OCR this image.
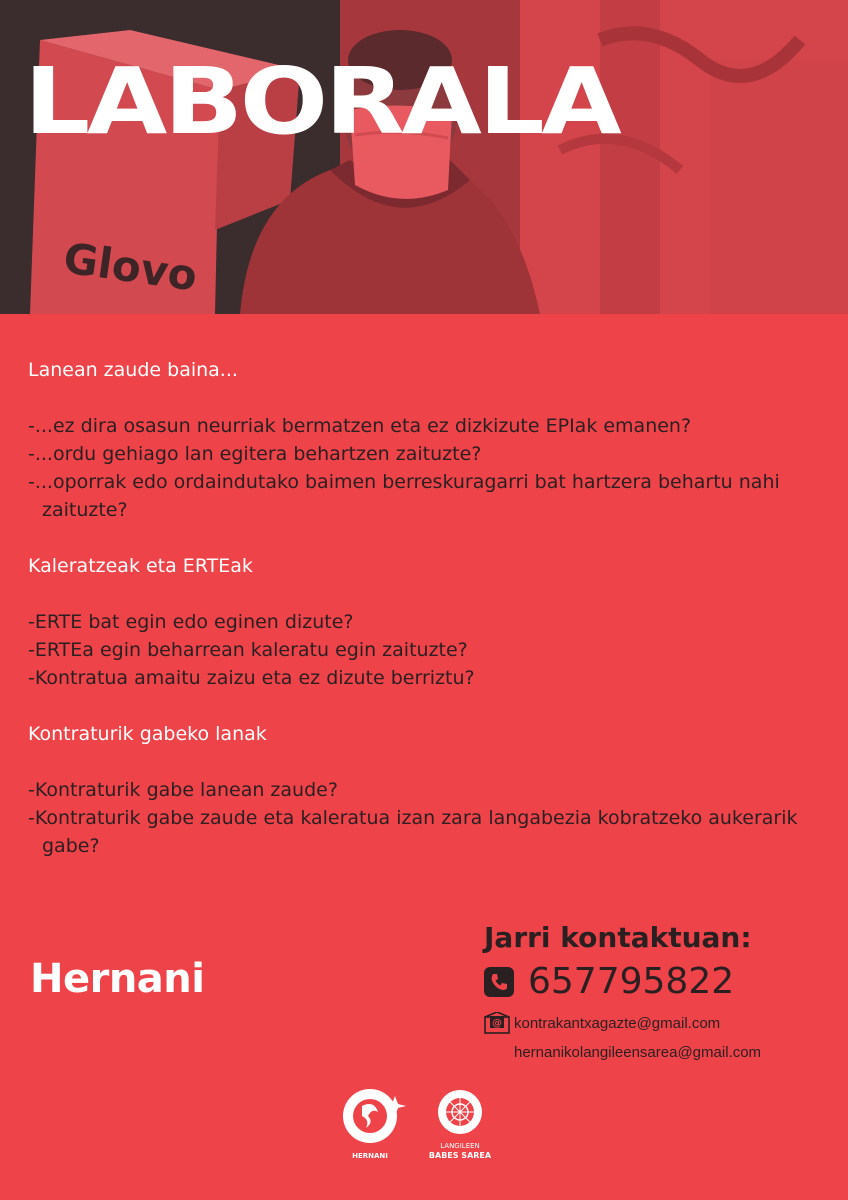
Glovo
LABORALA

Lanean zaude baina...

-...ez dira osasun neurriak bermatzen eta ez dizkizute EPIak emanen?

-...ordu gehiago lan egitera behartzen zaituzte?

-...oporrak edo ordaindutako baimen berreskuragarri bat hartzera behartu nahi zaituzte?

Kaleratzeak eta ERTEak

-ERTE bat egin edo eginen dizute?

-ERTEa egin beharrean kaleratu egin zaituzte?

-Kontratua amaitu zaizu eta ez dizute berriztu?

Kontraturik gabeko lanak

-Kontraturik gabe lanean zaude?

-Kontraturik gabe zaude eta kaleratua izan zara langabezia kobratzeko aukerarik gabe?

Hernani

Jarri kontaktuan:

657795822
@ kontrakantxagazte@gmail.com
hernanikolangileensarea@gmail.com
HERNANI
LANGILEEN
BABES SAREA
